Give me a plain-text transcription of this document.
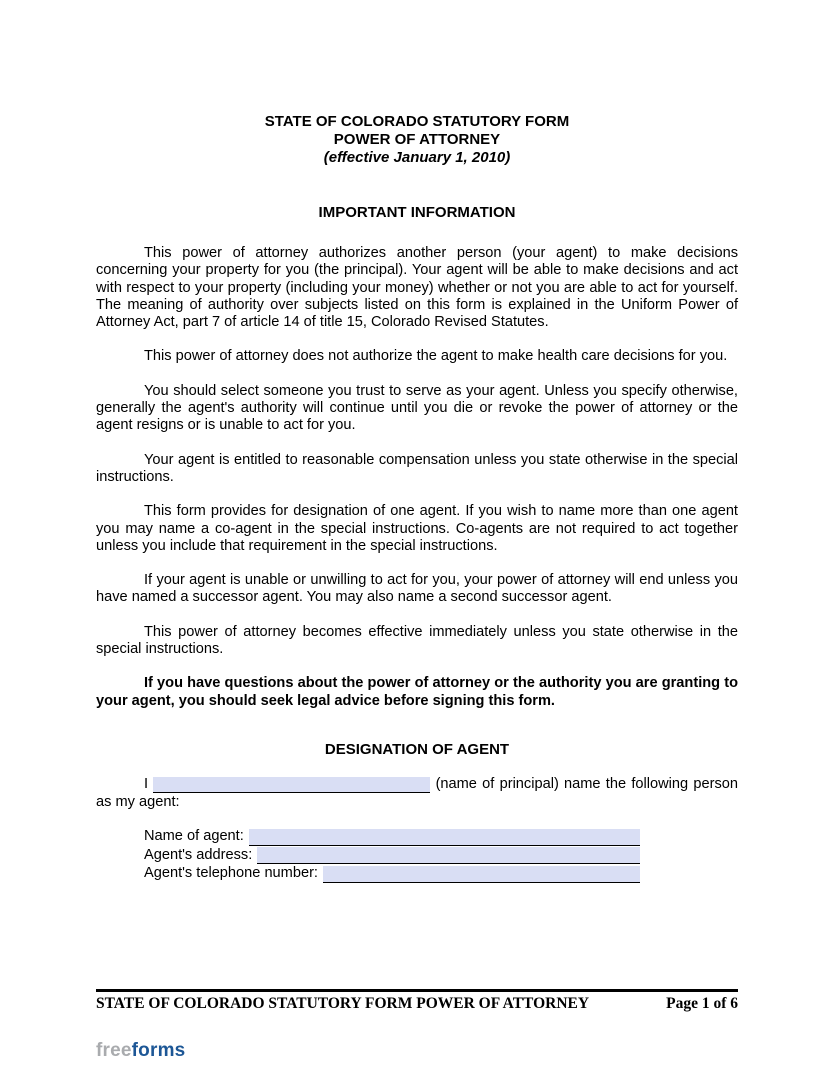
STATE OF COLORADO STATUTORY FORM
POWER OF ATTORNEY
(effective January 1, 2010)
IMPORTANT INFORMATION

This power of attorney authorizes another person (your agent) to make decisions concerning your property for you (the principal). Your agent will be able to make decisions and act with respect to your property (including your money) whether or not you are able to act for yourself. The meaning of authority over subjects listed on this form is explained in the Uniform Power of Attorney Act, part 7 of article 14 of title 15, Colorado Revised Statutes.

This power of attorney does not authorize the agent to make health care decisions for you.

You should select someone you trust to serve as your agent. Unless you specify otherwise, generally the agent's authority will continue until you die or revoke the power of attorney or the agent resigns or is unable to act for you.

Your agent is entitled to reasonable compensation unless you state otherwise in the special instructions.

This form provides for designation of one agent. If you wish to name more than one agent you may name a co-agent in the special instructions. Co-agents are not required to act together unless you include that requirement in the special instructions.

If your agent is unable or unwilling to act for you, your power of attorney will end unless you have named a successor agent. You may also name a second successor agent.

This power of attorney becomes effective immediately unless you state otherwise in the special instructions.

If you have questions about the power of attorney or the authority you are granting to your agent, you should seek legal advice before signing this form.

DESIGNATION OF AGENT

I	(name of principal) name the following person as my agent:

Name of agent:
Agent's address:
Agent's telephone number:
STATE OF COLORADO STATUTORY FORM POWER OF ATTORNEY	Page 1 of 6
freeforms
